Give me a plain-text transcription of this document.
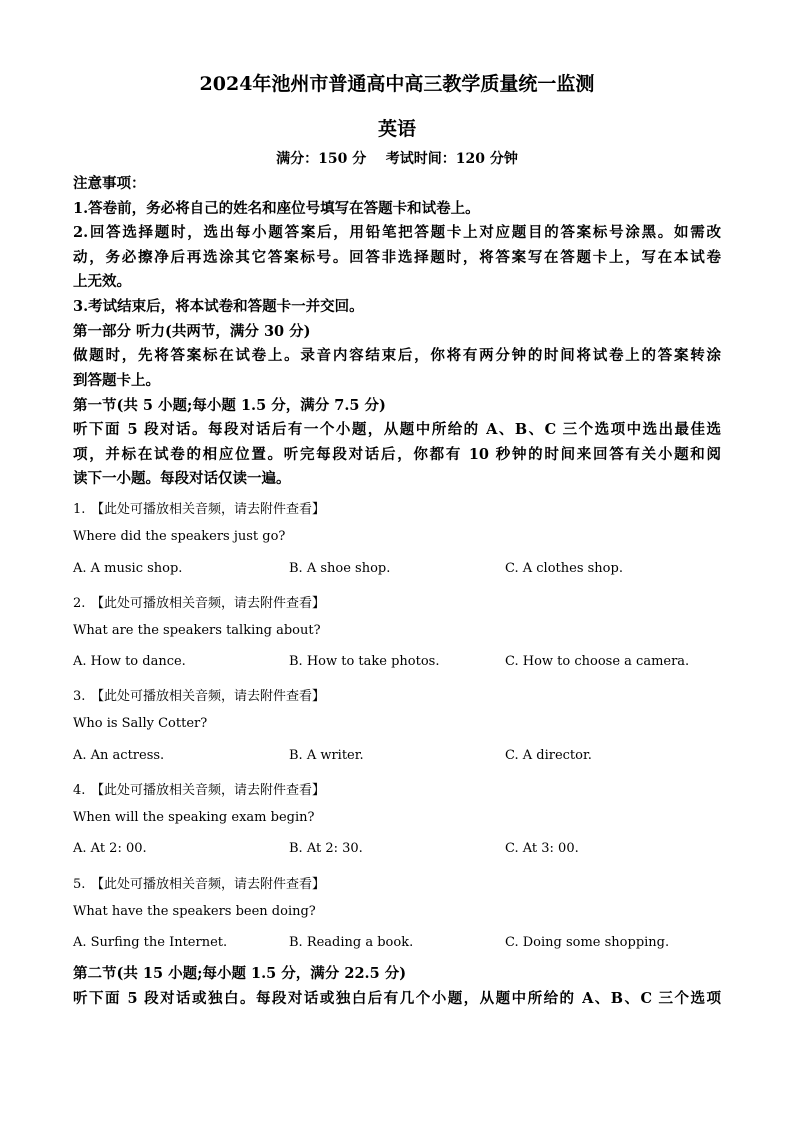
2024年池州市普通高中高三教学质量统一监测
英语
满分：150 分 考试时间：120 分钟
注意事项：
1.答卷前，务必将自己的姓名和座位号填写在答题卡和试卷上。
2.回答选择题时，选出每小题答案后，用铅笔把答题卡上对应题目的答案标号涂黑。如需改
动，务必擦净后再选涂其它答案标号。回答非选择题时，将答案写在答题卡上，写在本试卷
上无效。
3.考试结束后，将本试卷和答题卡一并交回。
第一部分 听力(共两节，满分 30 分)
做题时，先将答案标在试卷上。录音内容结束后，你将有两分钟的时间将试卷上的答案转涂
到答题卡上。
第一节(共 5 小题;每小题 1.5 分，满分 7.5 分)
听下面 5 段对话。每段对话后有一个小题，从题中所给的 A、B、C 三个选项中选出最佳选
项，并标在试卷的相应位置。听完每段对话后，你都有 10 秒钟的时间来回答有关小题和阅
读下一小题。每段对话仅读一遍。
1. 【此处可播放相关音频，请去附件查看】
Where did the speakers just go?
A. A music shop.	B. A shoe shop.	C. A clothes shop.
2. 【此处可播放相关音频，请去附件查看】
What are the speakers talking about?
A. How to dance.	B. How to take photos.	C. How to choose a camera.
3. 【此处可播放相关音频，请去附件查看】
Who is Sally Cotter?
A. An actress.	B. A writer.	C. A director.
4. 【此处可播放相关音频，请去附件查看】
When will the speaking exam begin?
A. At 2: 00.	B. At 2: 30.	C. At 3: 00.
5. 【此处可播放相关音频，请去附件查看】
What have the speakers been doing?
A. Surfing the Internet.	B. Reading a book.	C. Doing some shopping.
第二节(共 15 小题;每小题 1.5 分，满分 22.5 分)
听下面 5 段对话或独白。每段对话或独白后有几个小题，从题中所给的 A、B、C 三个选项
